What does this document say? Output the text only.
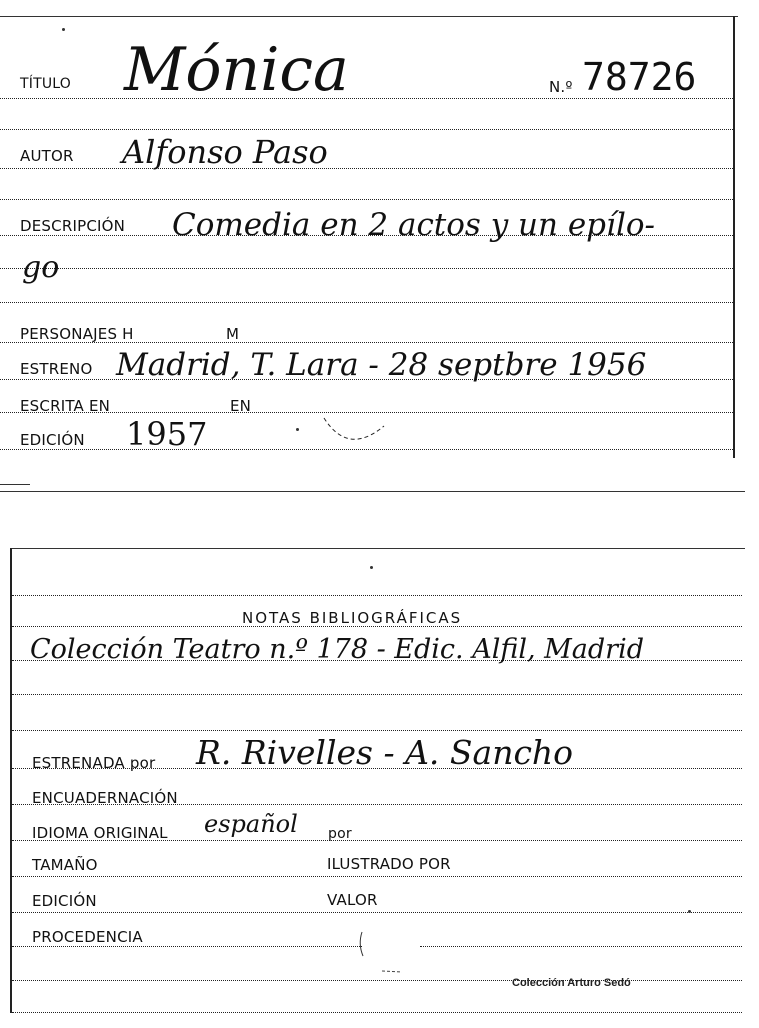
TÍTULO Mónica	N.º 78726
AUTOR Alfonso Paso
DESCRIPCIÓN Comedia en 2 actos y un epílo-
go
PERSONAJES H	M
ESTRENO Madrid, T. Lara - 28 septbre 1956
ESCRITA EN	EN
EDICIÓN 1957
NOTAS BIBLIOGRÁFICAS
Colección Teatro n.º 178 - Edic. Alfil, Madrid
ESTRENADA por R. Rivelles - A. Sancho
ENCUADERNACIÓN
IDIOMA ORIGINAL español por
TAMAÑO	ILUSTRADO POR
EDICIÓN	VALOR
PROCEDENCIA
Colección Arturo Sedó
